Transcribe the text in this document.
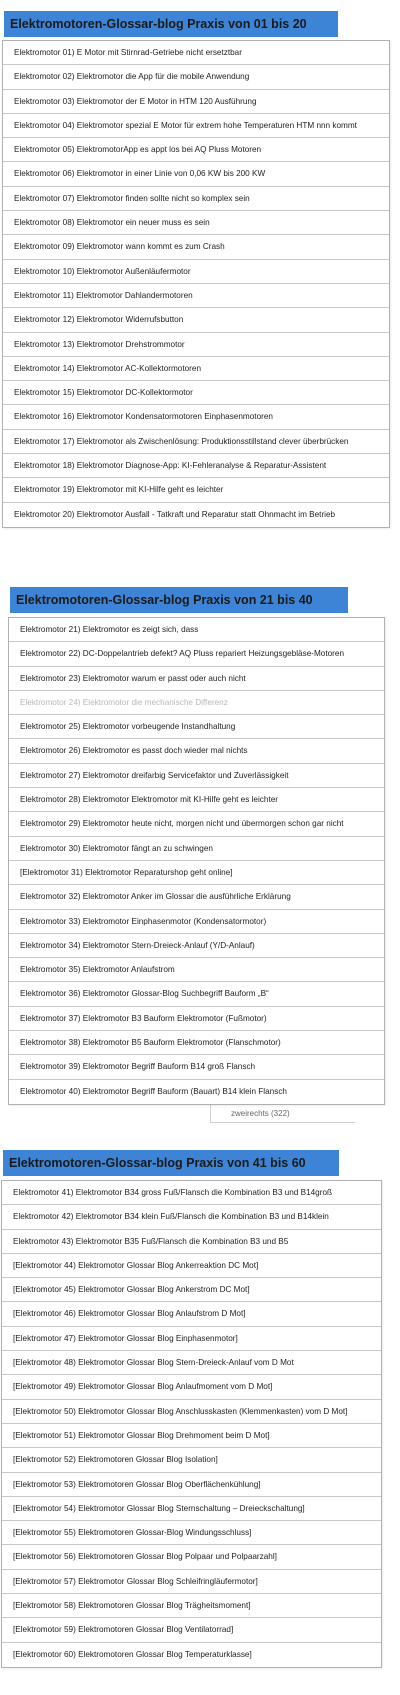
Elektromotoren-Glossar-blog Praxis von 01 bis 20
Elektromotor 01) E Motor mit Stirnrad-Getriebe nicht ersetztbar
Elektromotor 02) Elektromotor die App für die mobile Anwendung
Elektromotor 03) Elektromotor der E Motor in HTM 120 Ausführung
Elektromotor 04) Elektromotor spezial E Motor für extrem hohe Temperaturen HTM nnn kommt
Elektromotor 05) ElektromotorApp es appt los bei AQ Pluss Motoren
Elektromotor 06) Elektromotor in einer Linie von 0,06 KW bis 200 KW
Elektromotor 07) Elektromotor finden sollte nicht so komplex sein
Elektromotor 08) Elektromotor ein neuer muss es sein
Elektromotor 09) Elektromotor wann kommt es zum Crash
Elektromotor 10) Elektromotor Außenläufermotor
Elektromotor 11) Elektromotor Dahlandermotoren
Elektromotor 12) Elektromotor Widerrufsbutton
Elektromotor 13) Elektromotor Drehstrommotor
Elektromotor 14) Elektromotor AC-Kollektormotoren
Elektromotor 15) Elektromotor DC-Kollektormotor
Elektromotor 16) Elektromotor Kondensatormotoren Einphasenmotoren
Elektromotor 17) Elektromotor als Zwischenlösung: Produktionsstillstand clever überbrücken
Elektromotor 18) Elektromotor Diagnose-App: KI-Fehleranalyse & Reparatur-Assistent
Elektromotor 19) Elektromotor mit KI-Hilfe geht es leichter
Elektromotor 20) Elektromotor Ausfall - Tatkraft und Reparatur statt Ohnmacht im Betrieb
Elektromotoren-Glossar-blog Praxis von 21 bis 40
zweirechts (322)
Elektromotor 21) Elektromotor es zeigt sich, dass
Elektromotor 22) DC-Doppelantrieb defekt? AQ Pluss repariert Heizungsgebläse-Motoren
Elektromotor 23) Elektromotor warum er passt oder auch nicht
Elektromotor 24) Elektromotor die mechanische Differenz
Elektromotor 25) Elektromotor vorbeugende Instandhaltung
Elektromotor 26) Elektromotor es passt doch wieder mal nichts
Elektromotor 27) Elektromotor dreifarbig Servicefaktor und Zuverlässigkeit
Elektromotor 28) Elektromotor Elektromotor mit KI-Hilfe geht es leichter
Elektromotor 29) Elektromotor heute nicht, morgen nicht und übermorgen schon gar nicht
Elektromotor 30) Elektromotor fängt an zu schwingen
[Elektromotor 31) Elektromotor Reparaturshop geht online]
Elektromotor 32) Elektromotor Anker im Glossar die ausführliche Erklärung
Elektromotor 33) Elektromotor Einphasenmotor (Kondensatormotor)
Elektromotor 34) Elektromotor Stern-Dreieck-Anlauf (Y/D-Anlauf)
Elektromotor 35) Elektromotor Anlaufstrom
Elektromotor 36) Elektromotor Glossar-Blog Suchbegriff Bauform „B“
Elektromotor 37) Elektromotor B3 Bauform Elektromotor (Fußmotor)
Elektromotor 38) Elektromotor B5 Bauform Elektromotor (Flanschmotor)
Elektromotor 39) Elektromotor Begriff Bauform B14 groß Flansch
Elektromotor 40) Elektromotor Begriff Bauform (Bauart) B14 klein Flansch
Elektromotoren-Glossar-blog Praxis von 41 bis 60
Elektromotor 41) Elektromotor B34 gross Fuß/Flansch die Kombination B3 und B14groß
Elektromotor 42) Elektromotor B34 klein Fuß/Flansch die Kombination B3 und B14klein
Elektromotor 43) Elektromotor B35 Fuß/Flansch die Kombination B3 und B5
[Elektromotor 44) Elektromotor Glossar Blog Ankerreaktion DC Mot]
[Elektromotor 45) Elektromotor Glossar Blog Ankerstrom DC Mot]
[Elektromotor 46) Elektromotor Glossar Blog Anlaufstrom D Mot]
[Elektromotor 47) Elektromotor Glossar Blog Einphasenmotor]
[Elektromotor 48) Elektromotor Glossar Blog Stern-Dreieck-Anlauf vom D Mot
[Elektromotor 49) Elektromotor Glossar Blog Anlaufmoment vom D Mot]
[Elektromotor 50) Elektromotor Glossar Blog Anschlusskasten (Klemmenkasten) vom D Mot]
[Elektromotor 51) Elektromotor Glossar Blog Drehmoment beim D Mot]
[Elektromotor 52) Elektromotoren Glossar Blog Isolation]
[Elektromotor 53) Elektromotoren Glossar Blog Oberflächenkühlung]
[Elektromotor 54) Elektromotor Glossar Blog Sternschaltung – Dreieckschaltung]
[Elektromotor 55) Elektromotoren Glossar-Blog Windungsschluss]
[Elektromotor 56) Elektromotoren Glossar Blog Polpaar und Polpaarzahl]
[Elektromotor 57) Elektromotor Glossar Blog Schleifringläufermotor]
[Elektromotor 58) Elektromotoren Glossar Blog Trägheitsmoment]
[Elektromotor 59) Elektromotoren Glossar Blog Ventilatorrad]
[Elektromotor 60) Elektromotoren Glossar Blog Temperaturklasse]
